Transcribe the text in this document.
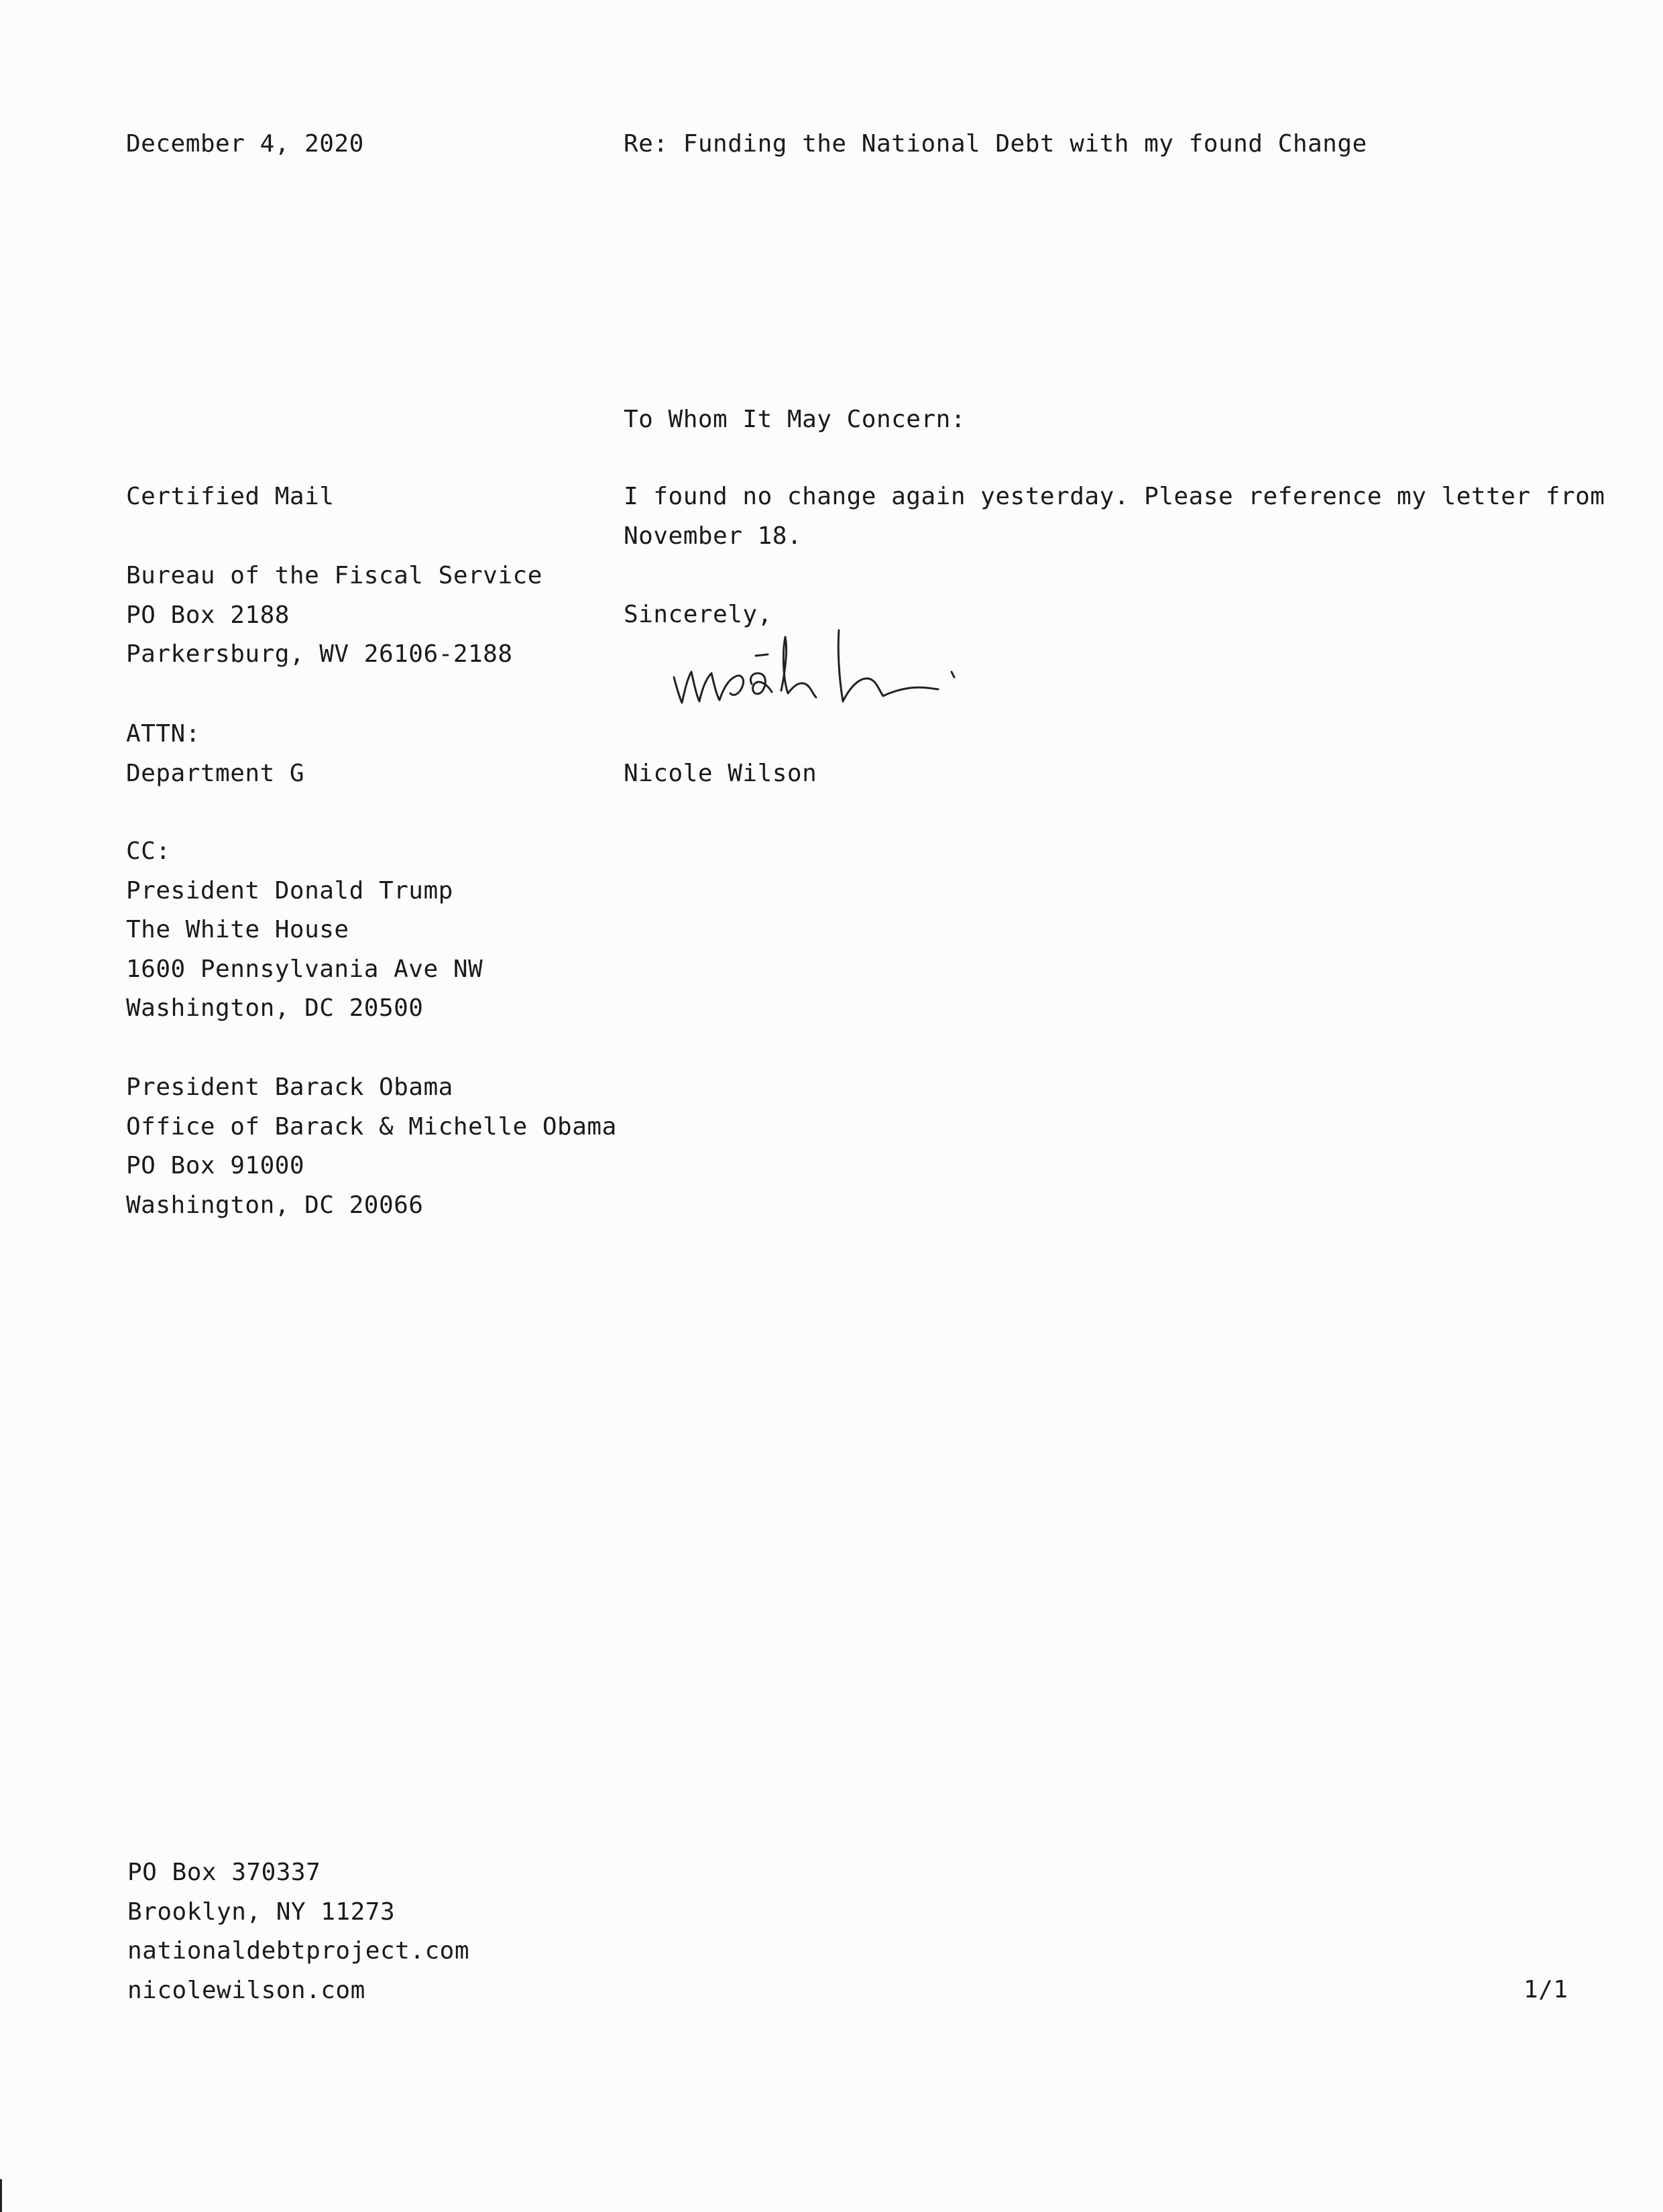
December 4, 2020	Re: Funding the National Debt with my found Change
To Whom It May Concern:
Certified Mail
Bureau of the Fiscal Service
PO Box 2188
Parkersburg, WV 26106-2188
ATTN:
Department G
CC:
President Donald Trump
The White House
1600 Pennsylvania Ave NW
Washington, DC 20500
President Barack Obama
Office of Barack & Michelle Obama
PO Box 91000
Washington, DC 20066
I found no change again yesterday. Please reference my letter from
November 18.
Sincerely,
Nicole Wilson
PO Box 370337
Brooklyn, NY 11273
nationaldebtproject.com
nicolewilson.com	1/1
